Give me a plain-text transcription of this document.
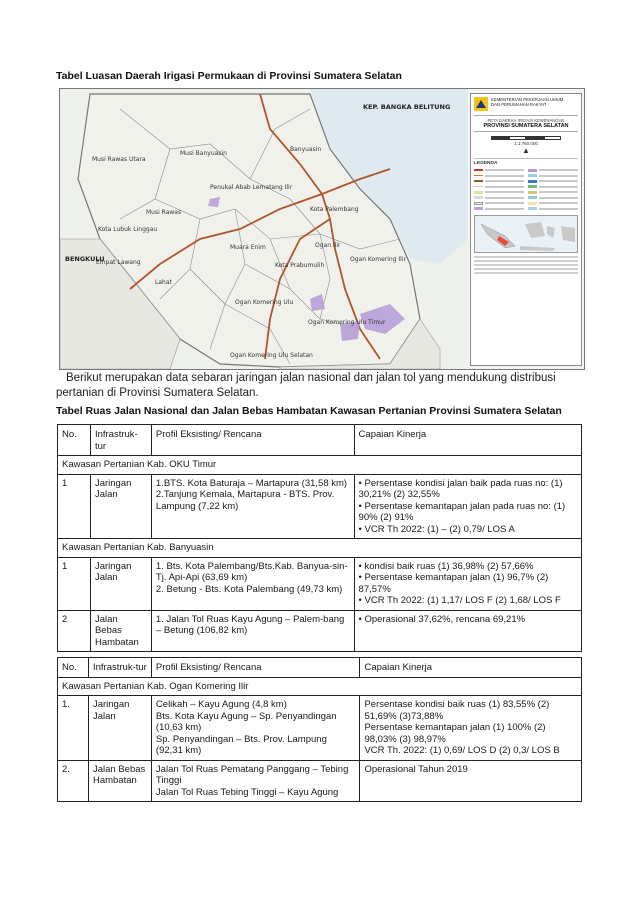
Tabel Luasan Daerah Irigasi Permukaan di Provinsi Sumatera Selatan
KEP. BANGKA BELITUNG
Banyuasin
Musi Banyuasin
Musi Rawas Utara
Musi Rawas
Kota Lubuk Linggau
Kota Palembang
Ogan Ilir
Ogan Komering Ilir
Empat Lawang
Lahat
Muara Enim
Penukal Abab Lematang Ilir
Kota Prabumulih
Ogan Komering Ulu
Ogan Komering Ulu Timur
Ogan Komering Ulu Selatan
BENGKULU
KEMENTERIAN PEKERJAAN UMUM
DAN PERUMAHAN RAKYAT
PETA DAERAH IRIGASI KEWENANGAN
PROVINSI SUMATERA SELATAN
1:1.750.000
▲
LEGENDA
Berikut merupakan data sebaran jaringan jalan nasional dan jalan tol yang mendukung distribusi pertanian di Provinsi Sumatera Selatan.
Tabel Ruas Jalan Nasional dan Jalan Bebas Hambatan Kawasan Pertanian Provinsi Sumatera Selatan
No.	Infrastruk-tur	Profil Eksisting/ Rencana	Capaian Kinerja
Kawasan Pertanian Kab. OKU Timur			
1	Jaringan Jalan	1.BTS. Kota Baturaja – Martapura (31,58 km)
2.Tanjung Kemala, Martapura - BTS. Prov. Lampung (7,22 km)	• Persentase kondisi jalan baik pada ruas no: (1) 30,21% (2) 32,55%
• Persentase kemantapan jalan pada ruas no: (1) 90% (2) 91%
• VCR Th 2022: (1) – (2) 0,79/ LOS A

Kawasan Pertanian Kab. Banyuasin			
1	Jaringan Jalan	1. Bts. Kota Palembang/Bts.Kab. Banyua-sin- Tj. Api-Api (63,69 km)
2. Betung - Bts. Kota Palembang (49,73 km)	• kondisi baik ruas (1) 36,98% (2) 57,66%
• Persentase kemantapan jalan (1) 96,7% (2) 87,57%
• VCR Th 2022: (1) 1,17/ LOS F (2) 1,68/ LOS F

2	Jalan Bebas Hambatan	1. Jalan Tol Ruas Kayu Agung – Palem-bang – Betung (106,82 km)	• Operasional 37,62%, rencana 69,21%
No.	Infrastruk-tur	Profil Eksisting/ Rencana	Capaian Kinerja
Kawasan Pertanian Kab. Ogan Komering Ilir			
1.	Jaringan Jalan	Celikah – Kayu Agung (4,8 km)
Bts. Kota Kayu Agung – Sp. Penyandingan (10,63 km)
Sp. Penyandingan – Bts. Prov. Lampung (92,31 km)	Persentase kondisi baik ruas (1) 83,55% (2) 51,69% (3)73,88%
Persentase kemantapan jalan (1) 100% (2) 98,03% (3) 98,97%
VCR Th. 2022: (1) 0,69/ LOS D (2) 0,3/ LOS B

2.	Jalan Bebas Hambatan	Jalan Tol Ruas Pematang Panggang – Tebing Tinggi
Jalan Tol Ruas Tebing Tinggi – Kayu Agung	Operasional Tahun 2019
